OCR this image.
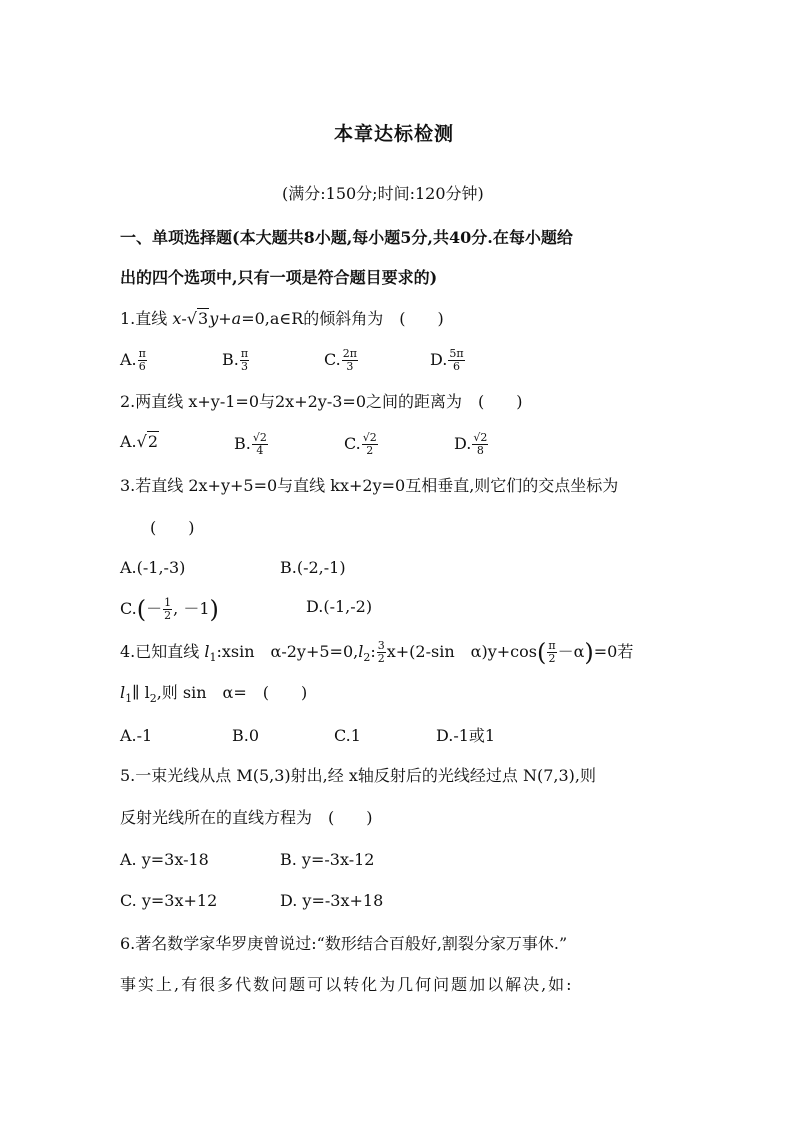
本章达标检测
(满分:150分;时间:120分钟)
一、单项选择题(本大题共8小题,每小题5分,共40分.在每小题给
出的四个选项中,只有一项是符合题目要求的)
1.直线 x-√3y+a=0,a∈R的倾斜角为　(　　)
A. $\frac{\pi}{6}$	B. $\frac{\pi}{3}$	C. $\frac{2\pi}{3}$	D. $\frac{5\pi}{6}$
2.两直线 x+y-1=0与2x+2y-3=0之间的距离为　(　　)
A.√2	B. $\frac{√2}{4}$	C. $\frac{√2}{2}$	D. $\frac{√2}{8}$
3.若直线 2x+y+5=0与直线 kx+2y=0互相垂直,则它们的交点坐标为
(　　)
A.(-1,-3)	B.(-2,-1)
$C.(- \frac{1}{2}$ , －1)	D.(-1,-2)
4.已知直线 $l_1:xsin$　$\alpha-2y+5=0,l_2$: $\frac{3}{2} x+(2-\sin$　$\alpha)y+\cos( \frac{\pi}{2} -\alpha)=0$若
$l_1\parallel$ $l_2$,则 sin　α=　(　　)
A.-1	B.0	C.1	D.-1或1
5.一束光线从点 M(5,3)射出,经 x轴反射后的光线经过点 N(7,3),则
反射光线所在的直线方程为　(　　)
A. y=3x-18	B. y=-3x-12
C. y=3x+12	D. y=-3x+18
6.著名数学家华罗庚曾说过:“数形结合百般好,割裂分家万事休.”
事实上,有很多代数问题可以转化为几何问题加以解决,如:
